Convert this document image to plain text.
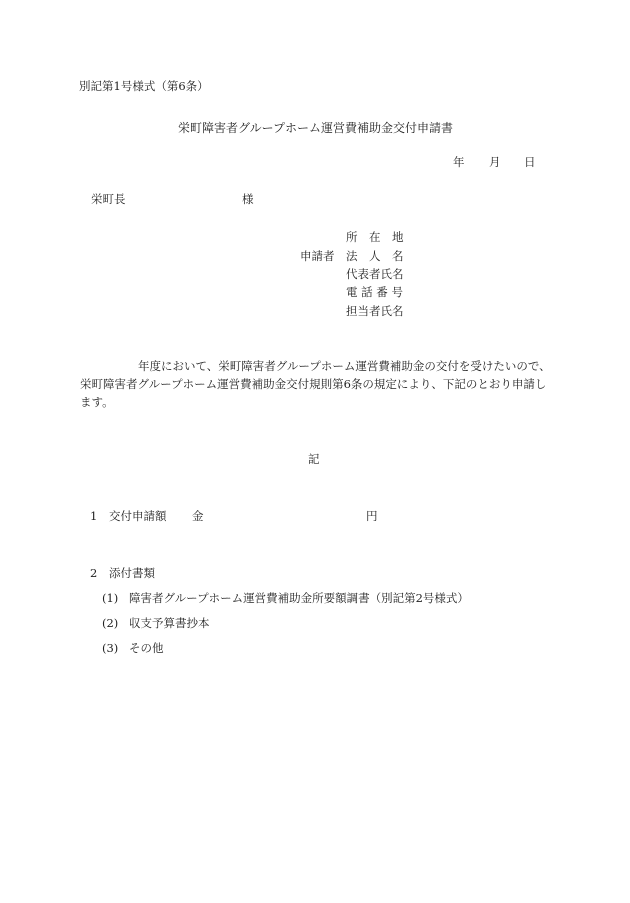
別記第1号様式（第6条）
栄町障害者グループホーム運営費補助金交付申請書
年 月 日
栄町長	様
申請者
所　在　地
法　人　名
代表者氏名
電 話 番 号
担当者氏名
年度において、栄町障害者グループホーム運営費補助金の交付を受けたいので、
栄町障害者グループホーム運営費補助金交付規則第6条の規定により、下記のとおり申請し
ます。
記
1 交付申請額 金	円
2 添付書類
(1) 障害者グループホーム運営費補助金所要額調書（別記第2号様式）
(2) 収支予算書抄本
(3) その他
